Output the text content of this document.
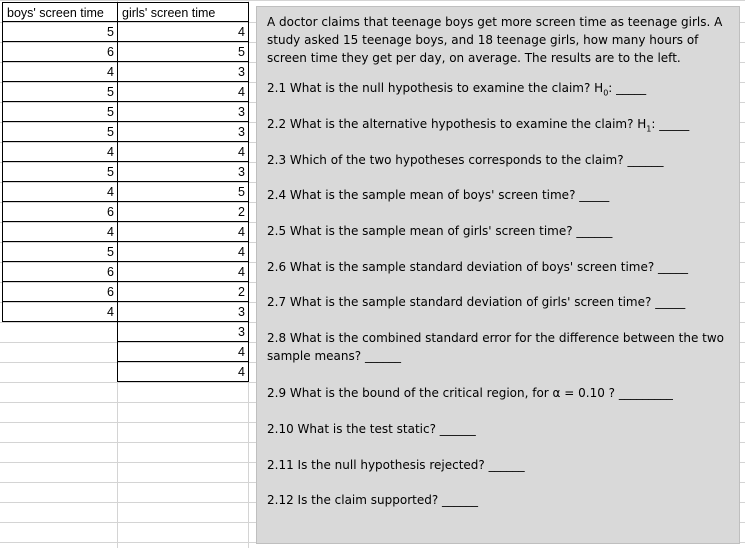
boys' screen time
5
6
4
5
5
5
4
5
4
6
4
5
6
6
4
girls' screen time
4
5
3
4
3
3
4
3
5
2
4
4
4
2
3
3
4
4

A doctor claims that teenage boys get more screen time as teenage girls. A study asked 15 teenage boys, and 18 teenage girls, how many hours of screen time they get per day, on average. The results are to the left.

2.1 What is the null hypothesis to examine the claim? $H_0$: _____

2.2 What is the alternative hypothesis to examine the claim? $H_1$: _____

2.3 Which of the two hypotheses corresponds to the claim? ______

2.4 What is the sample mean of boys' screen time? _____

2.5 What is the sample mean of girls' screen time? ______

2.6 What is the sample standard deviation of boys' screen time? _____

2.7 What is the sample standard deviation of girls' screen time? _____

2.8 What is the combined standard error for the difference between the two sample means? ______

2.9 What is the bound of the critical region, for α = 0.10 ? _________

2.10 What is the test static? ______

2.11 Is the null hypothesis rejected? ______

2.12 Is the claim supported? ______
